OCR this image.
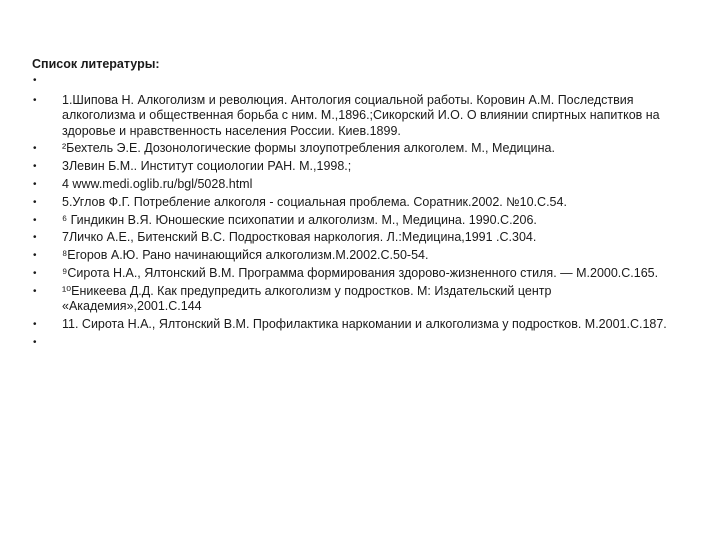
Список литературы:
•
• 1.Шипова Н. Алкоголизм и революция. Антология социальной работы. Коровин А.М. Последствия алкоголизма и общественная борьба с ним. М.,1896.;Сикорский И.О. О влиянии спиртных напитков на здоровье и нравственность населения России. Киев.1899.
• ²Бехтель Э.Е. Дозонологические формы злоупотребления алкоголем. М., Медицина.
• 3Левин Б.М.. Институт социологии РАН. М.,1998.;
• 4 www.medi.oglib.ru/bgl/5028.html
• 5.Углов Ф.Г. Потребление алкоголя - социальная проблема. Соратник.2002. №10.С.54.
• ⁶ Гиндикин В.Я. Юношеские психопатии и алкоголизм. М., Медицина. 1990.С.206.
• 7Личко А.Е., Битенский В.С. Подростковая наркология. Л.:Медицина,1991 .С.304.
• ⁸Егоров А.Ю. Рано начинающийся алкоголизм.М.2002.С.50-54.
• ⁹Сирота Н.А., Ялтонский В.М. Программа формирования здорово-жизненного стиля. — М.2000.С.165.
• ¹⁰Еникеева Д.Д. Как предупредить алкоголизм у подростков. М: Издательский центр «Академия»,2001.С.144
• 11. Сирота Н.А., Ялтонский В.М. Профилактика наркомании и алкоголизма у подростков. М.2001.С.187.
•
